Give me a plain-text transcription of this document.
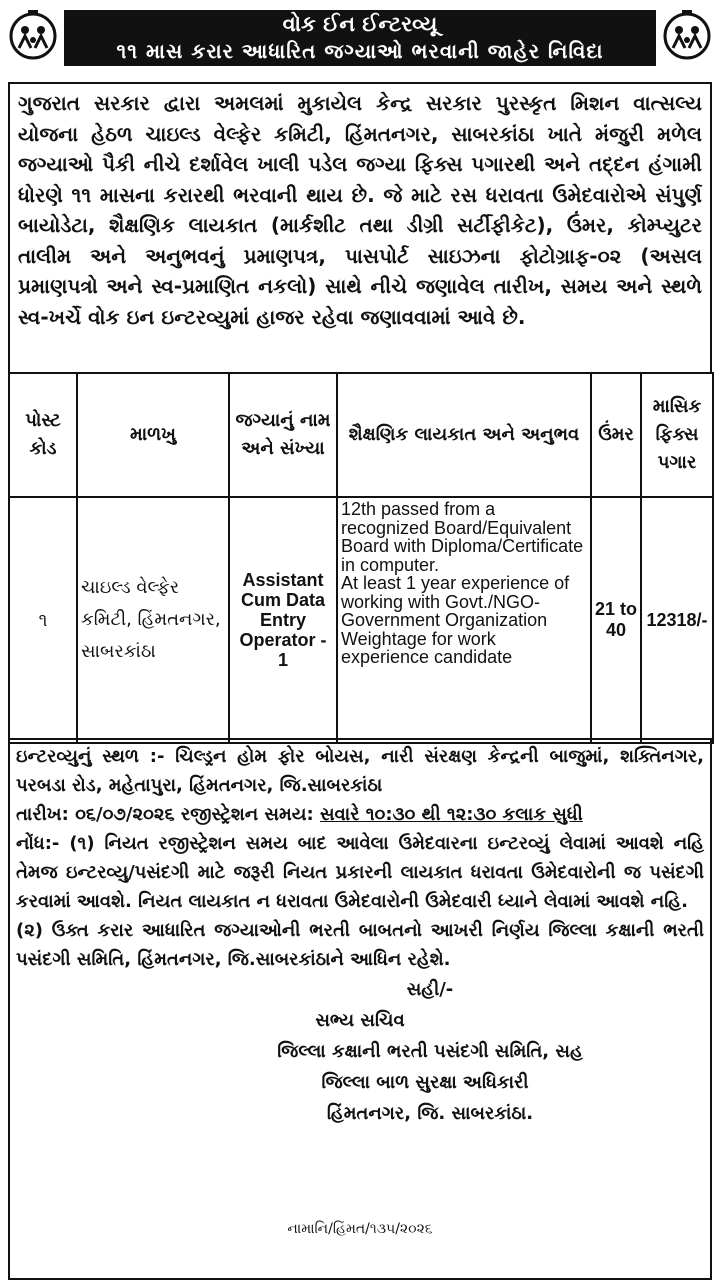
વોક ઈન ઈન્ટરવ્યૂ
૧૧ માસ કરાર આધારિત જગ્યાઓ ભરવાની જાહેર નિવિદા
ગુજરાત સરકાર દ્વારા અમલમાં મુકાયેલ કેન્દ્ર સરકાર પુરસ્કૃત મિશન વાત્સલ્ય યોજના હેઠળ ચાઇલ્ડ વેલ્ફેર કમિટી, હિંમતનગર, સાબરકાંઠા ખાતે મંજુરી મળેલ જગ્યાઓ પૈકી નીચે દર્શાવેલ ખાલી પડેલ જગ્યા ફિક્સ પગારથી અને તદ્દન હંગામી ધોરણે ૧૧ માસના કરારથી ભરવાની થાય છે. જે માટે રસ ધરાવતા ઉમેદવારોએ સંપુર્ણ બાયોડેટા, શૈક્ષણિક લાયકાત (માર્કશીટ તથા ડીગ્રી સર્ટીફીકેટ), ઉંમર, કોમ્પ્યુટર તાલીમ અને અનુભવનું પ્રમાણપત્ર, પાસપોર્ટ સાઇઝના ફોટોગ્રાફ-૦૨ (અસલ પ્રમાણપત્રો અને સ્વ-પ્રમાણિત નકલો) સાથે નીચે જણાવેલ તારીખ, સમય અને સ્થળે સ્વ-ખર્ચે વોક ઇન ઇન્ટરવ્યુમાં હાજર રહેવા જણાવવામાં આવે છે.
પોસ્ટ કોડ	માળખુ	જગ્યાનું નામ અને સંખ્યા	શૈક્ષણિક લાયકાત અને અનુભવ	ઉંમર	માસિક ફિક્સ પગાર
૧	ચાઇલ્ડ વેલ્ફેર કમિટી, હિંમતનગર, સાબરકાંઠા	Assistant Cum Data Entry Operator - 1	12th passed from a recognized Board/Equivalent Board with Diploma/Certificate in computer.
At least 1 year experience of working with Govt./NGO-Government Organization
Weightage for work experience candidate	21 to 40	12318/-
ઇન્ટરવ્યુનું સ્થળ :- ચિલ્ડ્રન હોમ ફોર બોયસ, નારી સંરક્ષણ કેન્દ્રની બાજુમાં, શક્તિનગર, પરબડા રોડ, મહેતાપુરા, હિંમતનગર, જિ.સાબરકાંઠા
તારીખ: ૦૬/૦૭/૨૦૨૬ રજીસ્ટ્રેશન સમય: સવારે ૧૦:૩૦ થી ૧૨:૩૦ કલાક સુધી
નોંધ:- (૧) નિયત રજીસ્ટ્રેશન સમય બાદ આવેલા ઉમેદવારના ઇન્ટરવ્યું લેવામાં આવશે નહિ તેમજ ઇન્ટરવ્યુ/પસંદગી માટે જરૂરી નિયત પ્રકારની લાયકાત ધરાવતા ઉમેદવારોની જ પસંદગી કરવામાં આવશે. નિયત લાયકાત ન ધરાવતા ઉમેદવારોની ઉમેદવારી ધ્યાને લેવામાં આવશે નહિ.
(૨) ઉક્ત કરાર આધારિત જગ્યાઓની ભરતી બાબતનો આખરી નિર્ણય જિલ્લા કક્ષાની ભરતી પસંદગી સમિતિ, હિંમતનગર, જિ.સાબરકાંઠાને આધિન રહેશે.
સહી/-
સભ્ય સચિવ
જિલ્લા કક્ષાની ભરતી પસંદગી સમિતિ, સહ
જિલ્લા બાળ સુરક્ષા અધિકારી
હિંમતનગર, જિ. સાબરકાંઠા.
નામાનિ/હિંમત/૧૩૫/૨૦૨૬
